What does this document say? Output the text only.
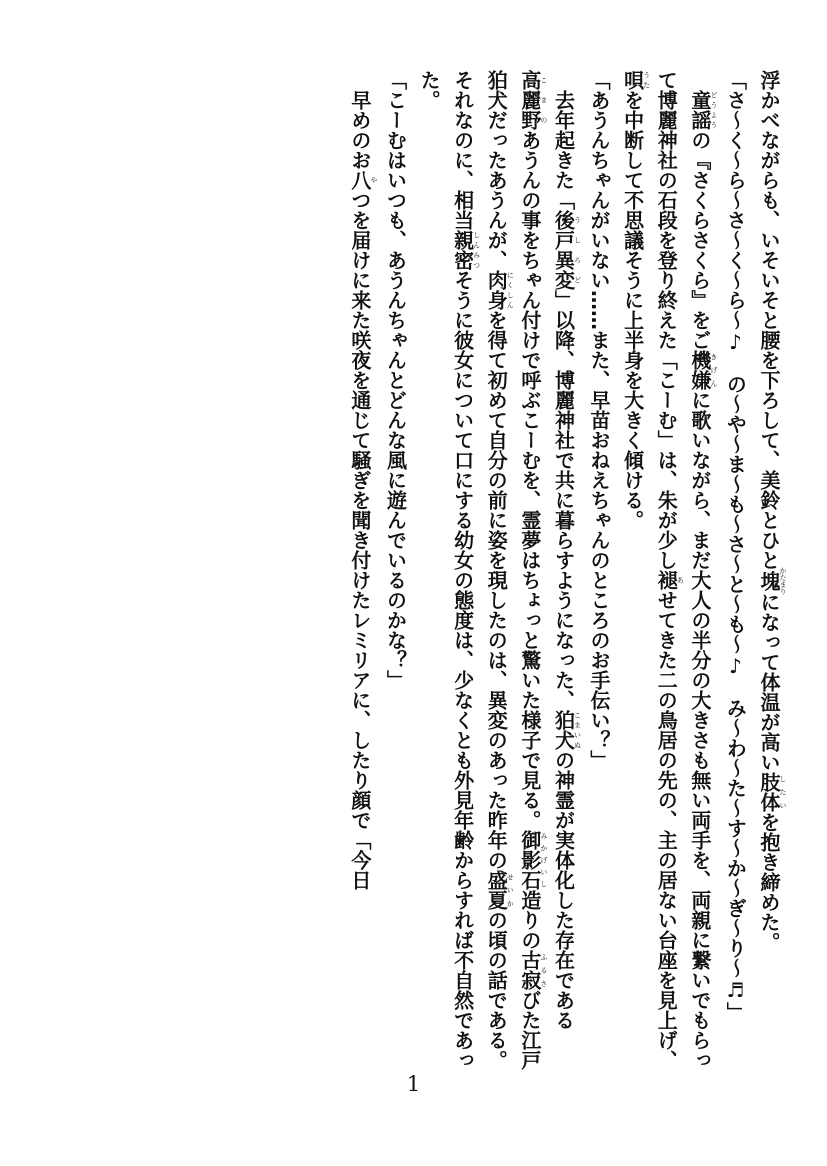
浮かべながらも、いそいそと腰を下ろして、美鈴とひと塊かたまりになって体温が高い肢体したいを抱き締めた。

「さ〜く〜ら〜さ〜く〜ら〜♪　の〜や〜ま〜も〜さ〜と〜も〜♪　み〜わ〜た〜す〜か〜ぎ〜り〜♬」

　童謡どうようの『さくらさくら』をご機嫌きげんに歌いながら、まだ大人の半分の大きさも無い両手を、両親に繋いでもらって博麗神社の石段を登り終えた「こーむ」は、朱が少し褪あせてきた二の鳥居の先の、主の居ない台座を見上げ、唄うたを中断して不思議そうに上半身を大きく傾ける。

「あうんちゃんがいない……また、早苗おねえちゃんのところのお手伝い？」

　去年起きた「後戸異変うしろど」以降、博麗神社で共に暮らすようになった、狛犬こまいぬの神霊が実体化した存在である高麗野こまのあうんの事をちゃん付けで呼ぶこーむを、霊夢はちょっと驚いた様子で見る。御影石みかげいし造りの古寂ふるさびた江戸狛犬だったあうんが、肉身にくしんを得て初めて自分の前に姿を現したのは、異変のあった昨年の盛夏せいかの頃の話である。それなのに、相当親密しんみつそうに彼女について口にする幼女の態度は、少なくとも外見年齢からすれば不自然であった。

「こーむはいつも、あうんちゃんとどんな風に遊んでいるのかな？」

　早めのお八やつを届けに来た咲夜を通じて騒ぎを聞き付けたレミリアに、したり顔で「今日

1
